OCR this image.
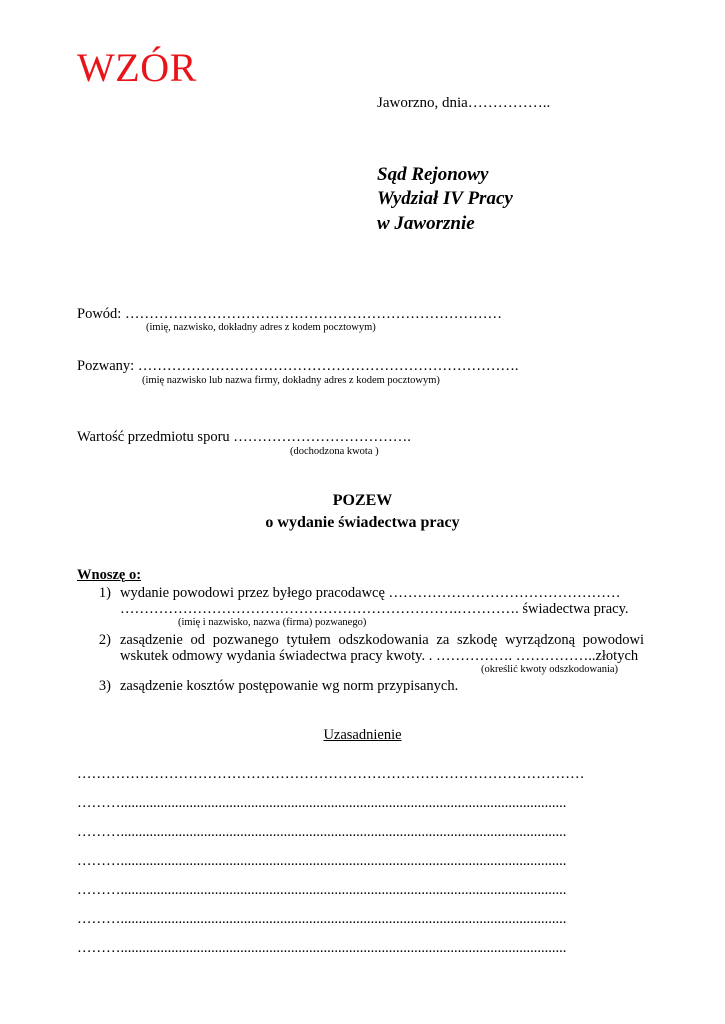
WZÓR
Jaworzno, dnia……………..
Sąd Rejonowy
Wydział IV Pracy
w Jaworznie
Powód: ……………………………………………………………………
(imię, nazwisko, dokładny adres z kodem pocztowym)
Pozwany: …………………………………………………………………….
(imię nazwisko lub nazwa firmy, dokładny adres z kodem pocztowym)
Wartość przedmiotu sporu ……………………………….
(dochodzona kwota )
POZEW
o wydanie świadectwa pracy
Wnoszę o:
1) wydanie powodowi przez byłego pracodawcę …………………………………………
…………………………………………………………….…………. świadectwa pracy.
(imię i nazwisko, nazwa (firma) pozwanego)
2) zasądzenie od pozwanego tytułem odszkodowania za szkodę wyrządzoną powodowi
wskutek odmowy wydania świadectwa pracy kwoty. . ……………. ……………..złotych
(określić kwoty odszkodowania)
3) zasądzenie kosztów postępowanie wg norm przypisanych.
Uzasadnienie
……………………………………………………………………………………………
………...........................................................................................................................
………...........................................................................................................................
………...........................................................................................................................
………...........................................................................................................................
………...........................................................................................................................
………...........................................................................................................................
